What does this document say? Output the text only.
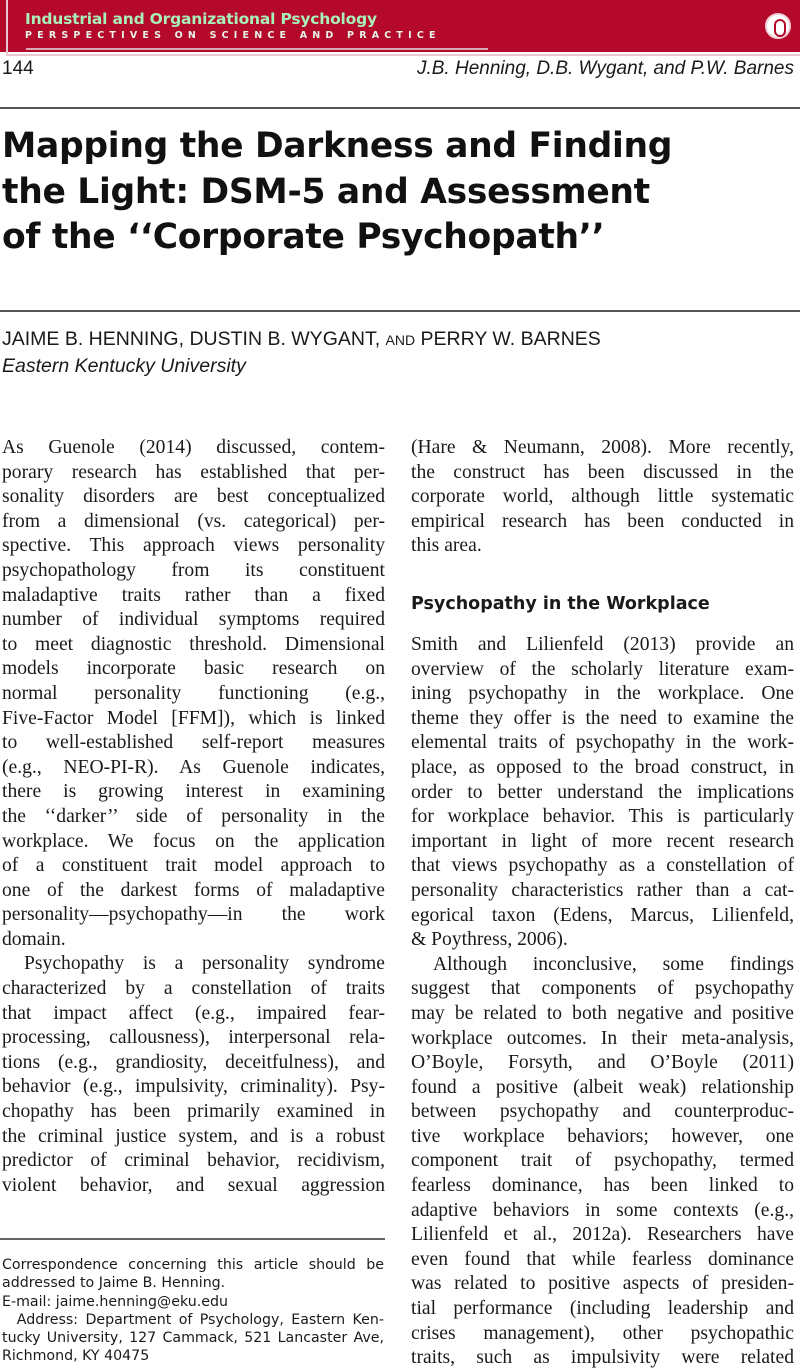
Industrial and Organizational Psychology
PERSPECTIVES ON SCIENCE AND PRACTICE
144	J.B. Henning, D.B. Wygant, and P.W. Barnes
Mapping the Darkness and Finding
the Light: DSM-5 and Assessment
of the ‘‘Corporate Psychopath’’
JAIME B. HENNING, DUSTIN B. WYGANT, AND PERRY W. BARNES
Eastern Kentucky University
As Guenole (2014) discussed, contem-
porary research has established that per-
sonality disorders are best conceptualized
from a dimensional (vs. categorical) per-
spective. This approach views personality
psychopathology from its constituent
maladaptive traits rather than a fixed
number of individual symptoms required
to meet diagnostic threshold. Dimensional
models incorporate basic research on
normal personality functioning (e.g.,
Five-Factor Model [FFM]), which is linked
to well-established self-report measures
(e.g., NEO-PI-R). As Guenole indicates,
there is growing interest in examining
the ‘‘darker’’ side of personality in the
workplace. We focus on the application
of a constituent trait model approach to
one of the darkest forms of maladaptive
personality—psychopathy—in the work
domain.
Psychopathy is a personality syndrome
characterized by a constellation of traits
that impact affect (e.g., impaired fear-
processing, callousness), interpersonal rela-
tions (e.g., grandiosity, deceitfulness), and
behavior (e.g., impulsivity, criminality). Psy-
chopathy has been primarily examined in
the criminal justice system, and is a robust
predictor of criminal behavior, recidivism,
violent behavior, and sexual aggression
(Hare & Neumann, 2008). More recently,
the construct has been discussed in the
corporate world, although little systematic
empirical research has been conducted in
this area.
Psychopathy in the Workplace
Smith and Lilienfeld (2013) provide an
overview of the scholarly literature exam-
ining psychopathy in the workplace. One
theme they offer is the need to examine the
elemental traits of psychopathy in the work-
place, as opposed to the broad construct, in
order to better understand the implications
for workplace behavior. This is particularly
important in light of more recent research
that views psychopathy as a constellation of
personality characteristics rather than a cat-
egorical taxon (Edens, Marcus, Lilienfeld,
& Poythress, 2006).
Although inconclusive, some findings
suggest that components of psychopathy
may be related to both negative and positive
workplace outcomes. In their meta-analysis,
O’Boyle, Forsyth, and O’Boyle (2011)
found a positive (albeit weak) relationship
between psychopathy and counterproduc-
tive workplace behaviors; however, one
component trait of psychopathy, termed
fearless dominance, has been linked to
adaptive behaviors in some contexts (e.g.,
Lilienfeld et al., 2012a). Researchers have
even found that while fearless dominance
was related to positive aspects of presiden-
tial performance (including leadership and
crises management), other psychopathic
traits, such as impulsivity were related
Correspondence concerning this article should be
addressed to Jaime B. Henning.
E-mail: jaime.henning@eku.edu
Address: Department of Psychology, Eastern Ken-
tucky University, 127 Cammack, 521 Lancaster Ave,
Richmond, KY 40475
